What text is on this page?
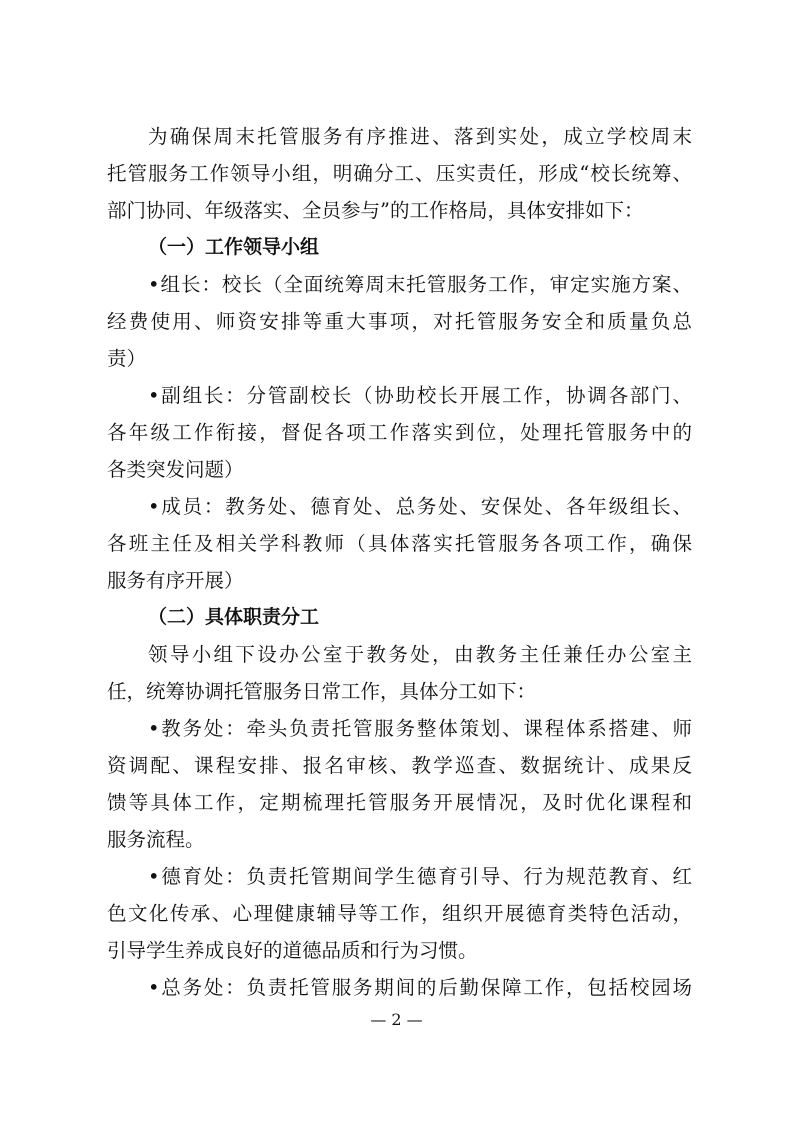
为确保周末托管服务有序推进、落到实处，成立学校周末
托管服务工作领导小组，明确分工、压实责任，形成“校长统筹、
部门协同、年级落实、全员参与”的工作格局，具体安排如下：
（一）工作领导小组
•组长：校长（全面统筹周末托管服务工作，审定实施方案、
经费使用、师资安排等重大事项，对托管服务安全和质量负总
责）
•副组长：分管副校长（协助校长开展工作，协调各部门、
各年级工作衔接，督促各项工作落实到位，处理托管服务中的
各类突发问题）
•成员：教务处、德育处、总务处、安保处、各年级组长、
各班主任及相关学科教师（具体落实托管服务各项工作，确保
服务有序开展）
（二）具体职责分工
领导小组下设办公室于教务处，由教务主任兼任办公室主
任，统筹协调托管服务日常工作，具体分工如下：
•教务处：牵头负责托管服务整体策划、课程体系搭建、师
资调配、课程安排、报名审核、教学巡查、数据统计、成果反
馈等具体工作，定期梳理托管服务开展情况，及时优化课程和
服务流程。
•德育处：负责托管期间学生德育引导、行为规范教育、红
色文化传承、心理健康辅导等工作，组织开展德育类特色活动，
引导学生养成良好的道德品质和行为习惯。
•总务处：负责托管服务期间的后勤保障工作，包括校园场
— 2 —
